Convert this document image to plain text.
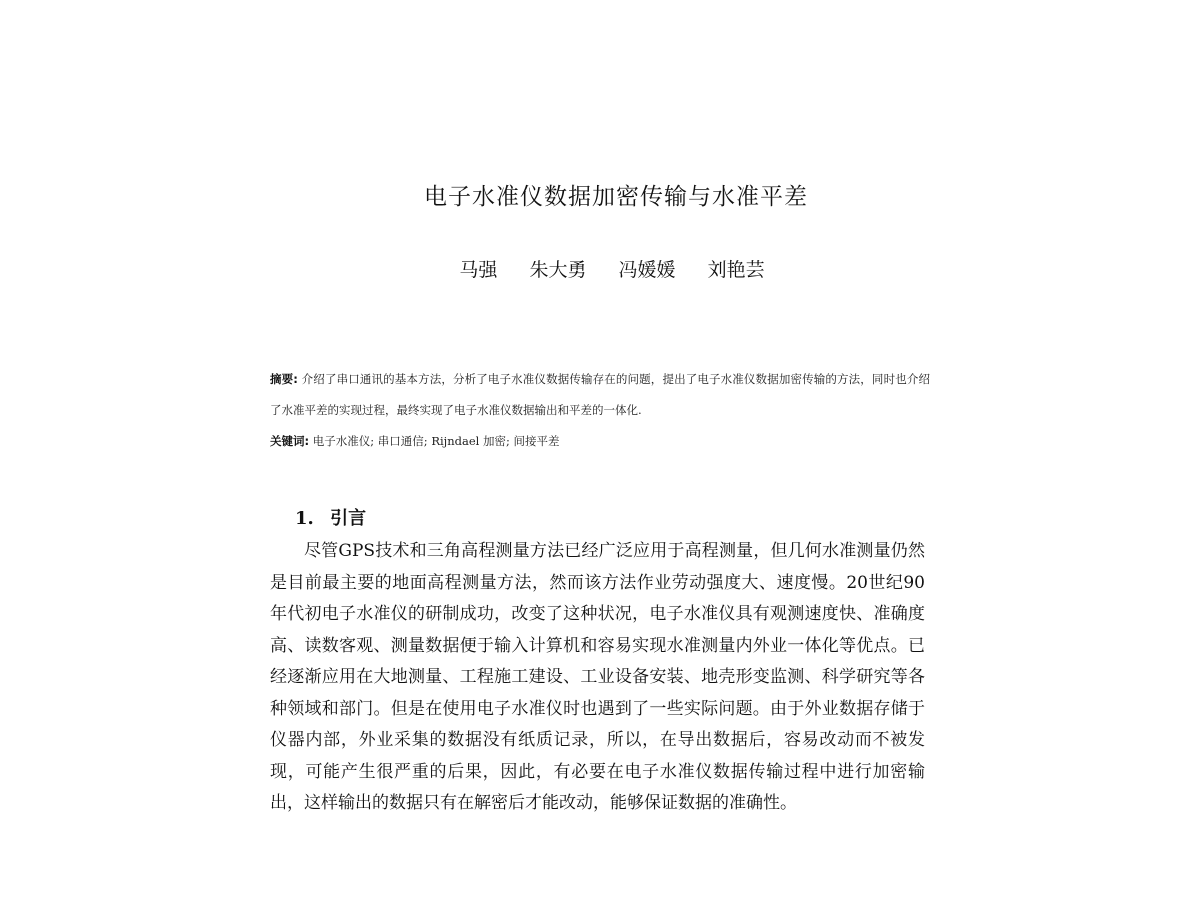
电子水准仪数据加密传输与水准平差
马强 朱大勇 冯媛媛 刘艳芸

摘要: 介绍了串口通讯的基本方法，分析了电子水准仪数据传输存在的问题，提出了电子水准仪数据加密传输的方法，同时也介绍了水准平差的实现过程，最终实现了电子水准仪数据输出和平差的一体化.

关键词: 电子水准仪; 串口通信; Rijndael 加密; 间接平差

1. 引言

尽管GPS技术和三角高程测量方法已经广泛应用于高程测量，但几何水准测量仍然是目前最主要的地面高程测量方法，然而该方法作业劳动强度大、速度慢。20世纪90年代初电子水准仪的研制成功，改变了这种状况，电子水准仪具有观测速度快、准确度高、读数客观、测量数据便于输入计算机和容易实现水准测量内外业一体化等优点。已经逐渐应用在大地测量、工程施工建设、工业设备安装、地壳形变监测、科学研究等各种领域和部门。但是在使用电子水准仪时也遇到了一些实际问题。由于外业数据存储于仪器内部，外业采集的数据没有纸质记录，所以，在导出数据后，容易改动而不被发现，可能产生很严重的后果，因此，有必要在电子水准仪数据传输过程中进行加密输出，这样输出的数据只有在解密后才能改动，能够保证数据的准确性。
